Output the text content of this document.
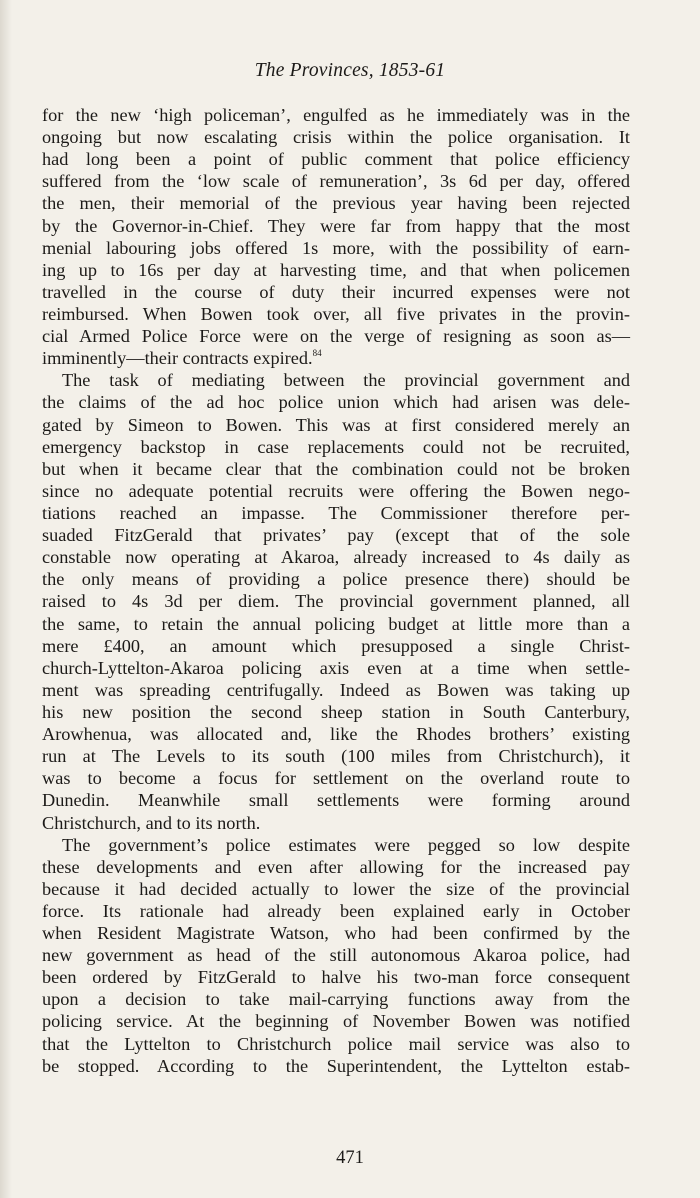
The Provinces, 1853-61
for the new ‘high policeman’, engulfed as he immediately was in the
ongoing but now escalating crisis within the police organisation. It
had long been a point of public comment that police efficiency
suffered from the ‘low scale of remuneration’, 3s 6d per day, offered
the men, their memorial of the previous year having been rejected
by the Governor-in-Chief. They were far from happy that the most
menial labouring jobs offered 1s more, with the possibility of earn-
ing up to 16s per day at harvesting time, and that when policemen
travelled in the course of duty their incurred expenses were not
reimbursed. When Bowen took over, all five privates in the provin-
cial Armed Police Force were on the verge of resigning as soon as—
imminently—their contracts expired.$^{84}$
The task of mediating between the provincial government and
the claims of the ad hoc police union which had arisen was dele-
gated by Simeon to Bowen. This was at first considered merely an
emergency backstop in case replacements could not be recruited,
but when it became clear that the combination could not be broken
since no adequate potential recruits were offering the Bowen nego-
tiations reached an impasse. The Commissioner therefore per-
suaded FitzGerald that privates’ pay (except that of the sole
constable now operating at Akaroa, already increased to 4s daily as
the only means of providing a police presence there) should be
raised to 4s 3d per diem. The provincial government planned, all
the same, to retain the annual policing budget at little more than a
mere £400, an amount which presupposed a single Christ-
church-Lyttelton-Akaroa policing axis even at a time when settle-
ment was spreading centrifugally. Indeed as Bowen was taking up
his new position the second sheep station in South Canterbury,
Arowhenua, was allocated and, like the Rhodes brothers’ existing
run at The Levels to its south (100 miles from Christchurch), it
was to become a focus for settlement on the overland route to
Dunedin. Meanwhile small settlements were forming around
Christchurch, and to its north.
The government’s police estimates were pegged so low despite
these developments and even after allowing for the increased pay
because it had decided actually to lower the size of the provincial
force. Its rationale had already been explained early in October
when Resident Magistrate Watson, who had been confirmed by the
new government as head of the still autonomous Akaroa police, had
been ordered by FitzGerald to halve his two-man force consequent
upon a decision to take mail-carrying functions away from the
policing service. At the beginning of November Bowen was notified
that the Lyttelton to Christchurch police mail service was also to
be stopped. According to the Superintendent, the Lyttelton estab-
471
